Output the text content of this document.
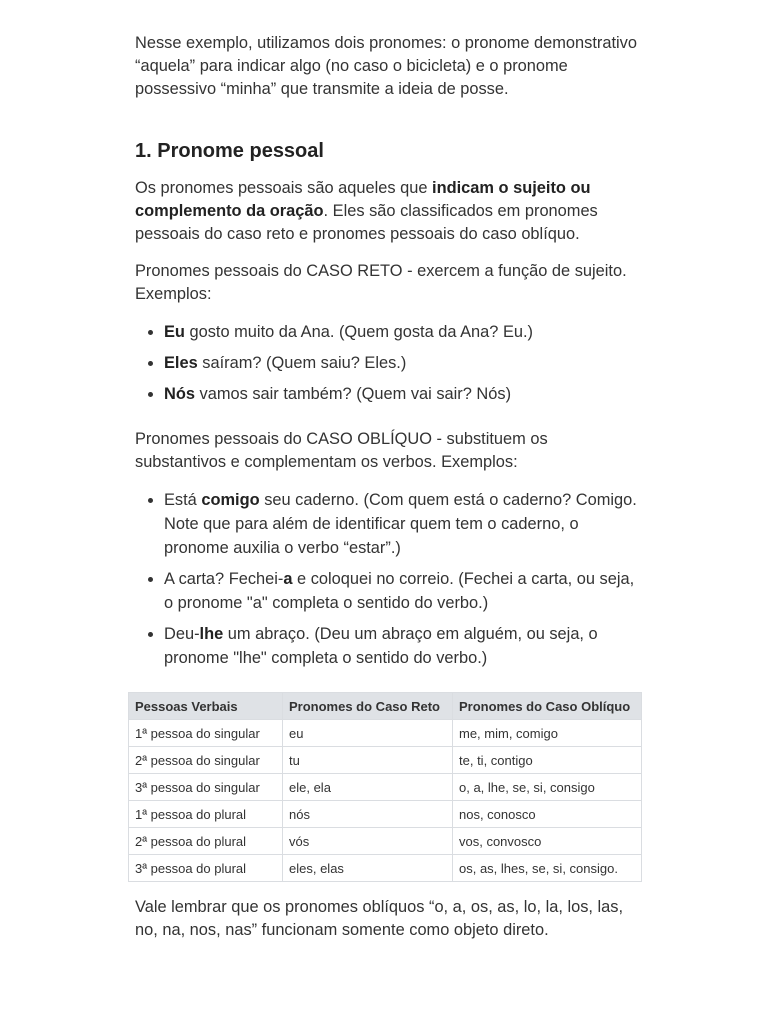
Nesse exemplo, utilizamos dois pronomes: o pronome demonstrativo “aquela” para indicar algo (no caso o bicicleta) e o pronome possessivo “minha” que transmite a ideia de posse.

1. Pronome pessoal

Os pronomes pessoais são aqueles que indicam o sujeito ou complemento da oração. Eles são classificados em pronomes pessoais do caso reto e pronomes pessoais do caso oblíquo.

Pronomes pessoais do CASO RETO - exercem a função de sujeito. Exemplos:

• Eu gosto muito da Ana. (Quem gosta da Ana? Eu.)
• Eles saíram? (Quem saiu? Eles.)
• Nós vamos sair também? (Quem vai sair? Nós)

Pronomes pessoais do CASO OBLÍQUO - substituem os substantivos e complementam os verbos. Exemplos:

• Está comigo seu caderno. (Com quem está o caderno? Comigo. Note que para além de identificar quem tem o caderno, o pronome auxilia o verbo “estar”.)
• A carta? Fechei-a e coloquei no correio. (Fechei a carta, ou seja, o pronome "a" completa o sentido do verbo.)
• Deu-lhe um abraço. (Deu um abraço em alguém, ou seja, o pronome "lhe" completa o sentido do verbo.)
Pessoas Verbais	Pronomes do Caso Reto	Pronomes do Caso Oblíquo
1ª pessoa do singular	eu	me, mim, comigo
2ª pessoa do singular	tu	te, ti, contigo
3ª pessoa do singular	ele, ela	o, a, lhe, se, si, consigo
1ª pessoa do plural	nós	nos, conosco
2ª pessoa do plural	vós	vos, convosco
3ª pessoa do plural	eles, elas	os, as, lhes, se, si, consigo.

Vale lembrar que os pronomes oblíquos “o, a, os, as, lo, la, los, las, no, na, nos, nas” funcionam somente como objeto direto.
